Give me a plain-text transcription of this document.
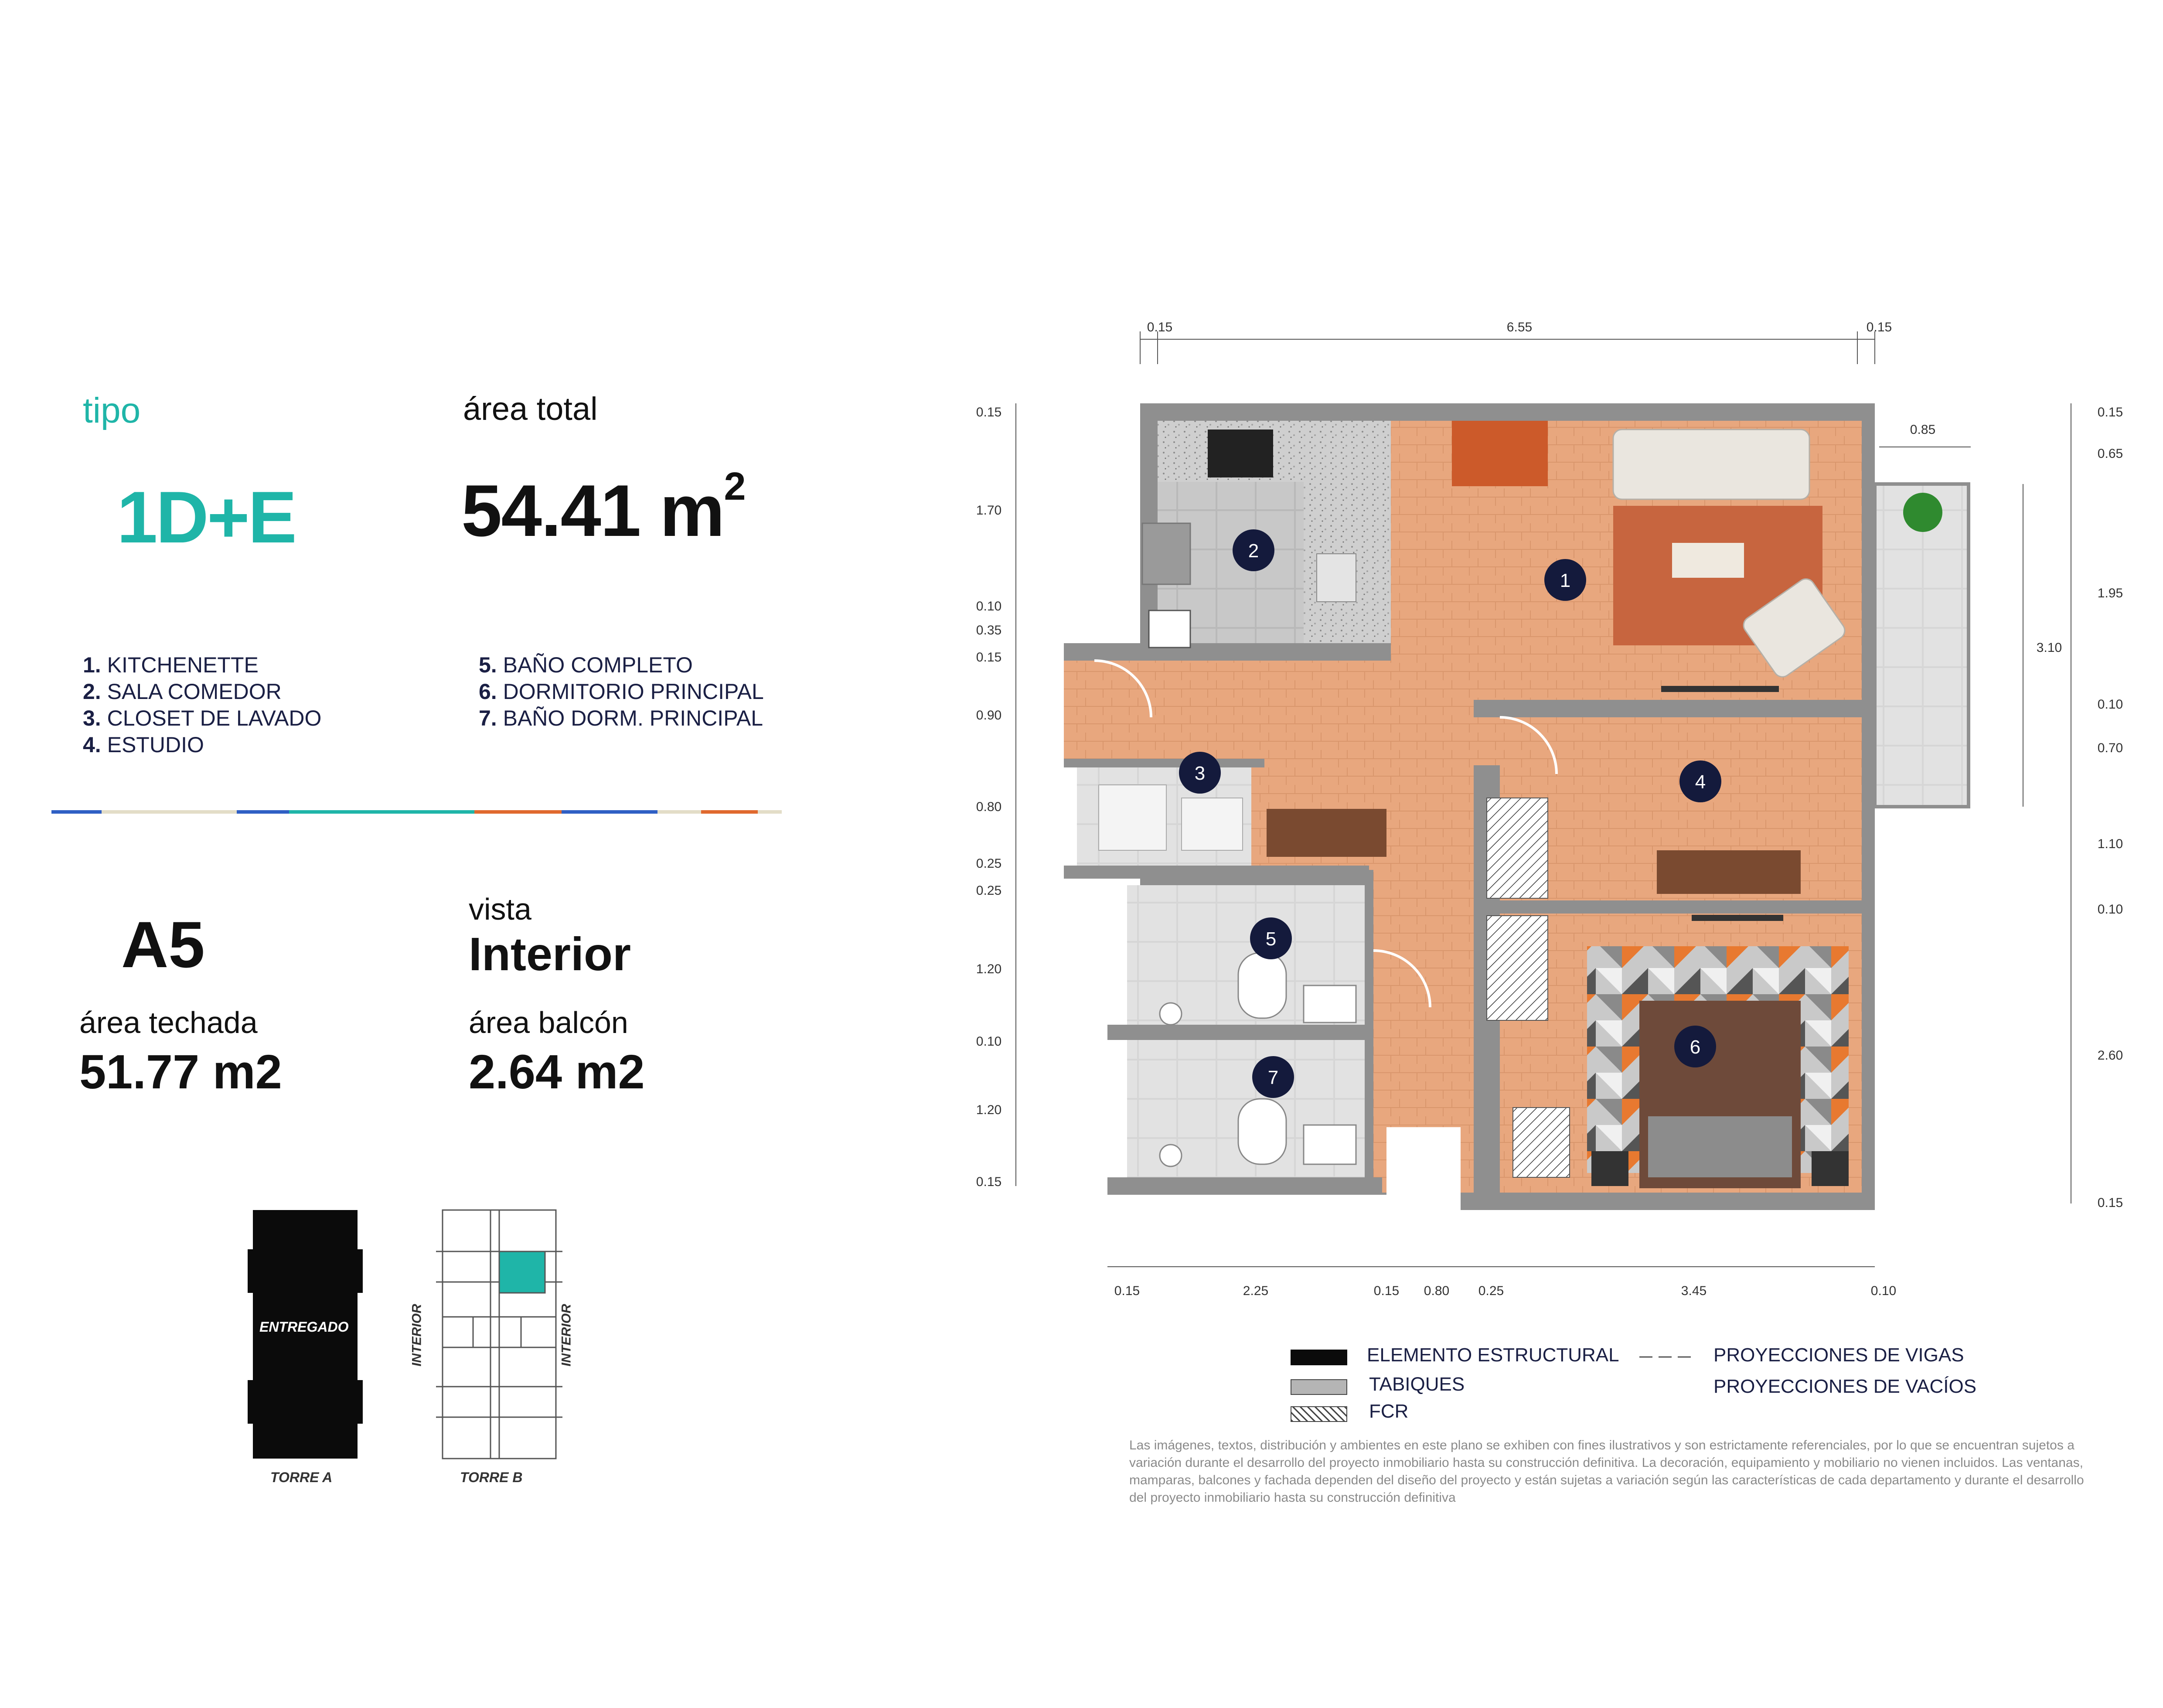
tipo
1D+E
área total
54.41 $m^2$
1. KITCHENETTE
2. SALA COMEDOR
3. CLOSET DE LAVADO
4. ESTUDIO
5. BAÑO COMPLETO
6. DORMITORIO PRINCIPAL
7. BAÑO DORM. PRINCIPAL
A5	vista
Interior
área techada
51.77 m2
área balcón
2.64 m2
ENTREGADO
TORRE A
INTERIOR	INTERIOR
TORRE B
1
2
3	4
5
6
7
0.15	6.55	0.15
0.15
1.70
0.10
0.35
0.15
0.90
0.80
0.25
0.25
1.20
0.10
1.20
0.15
0.15	2.25	0.15 0.80 0.25	3.45	0.10
0.15
0.65
1.95
0.10
0.70
1.10
0.10
2.60
0.15
0.85
3.10
ELEMENTO ESTRUCTURAL
TABIQUES
FCR
PROYECCIONES DE VIGAS
PROYECCIONES DE VACÍOS
Las imágenes, textos, distribución y ambientes en este plano se exhiben con fines ilustrativos y son estrictamente referenciales, por lo que se encuentran sujetos a variación durante el desarrollo del proyecto inmobiliario hasta su construcción definitiva. La decoración, equipamiento y mobiliario no vienen incluidos. Las ventanas, mamparas, balcones y fachada dependen del diseño del proyecto y están sujetas a variación según las características de cada departamento y durante el desarrollo del proyecto inmobiliario hasta su construcción definitiva
